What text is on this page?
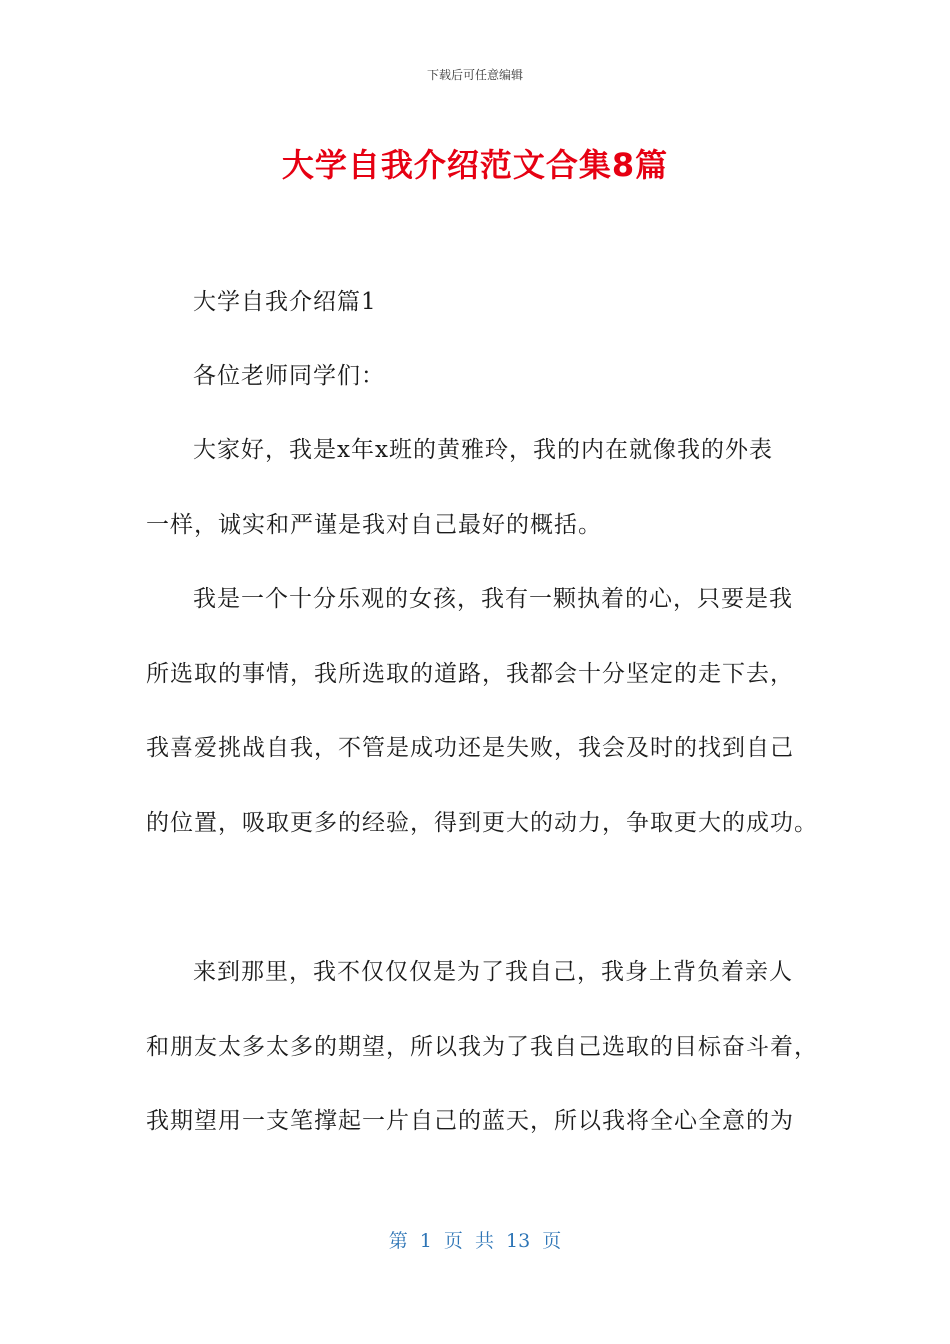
下载后可任意编辑
大学自我介绍范文合集8篇
大学自我介绍篇1
各位老师同学们：
大家好，我是x年x班的黄雅玲，我的内在就像我的外表
一样，诚实和严谨是我对自己最好的概括。
我是一个十分乐观的女孩，我有一颗执着的心，只要是我
所选取的事情，我所选取的道路，我都会十分坚定的走下去，
我喜爱挑战自我，不管是成功还是失败，我会及时的找到自己
的位置，吸取更多的经验，得到更大的动力，争取更大的成功。
来到那里，我不仅仅仅是为了我自己，我身上背负着亲人
和朋友太多太多的期望，所以我为了我自己选取的目标奋斗着，
我期望用一支笔撑起一片自己的蓝天，所以我将全心全意的为
第 1 页 共 13 页
